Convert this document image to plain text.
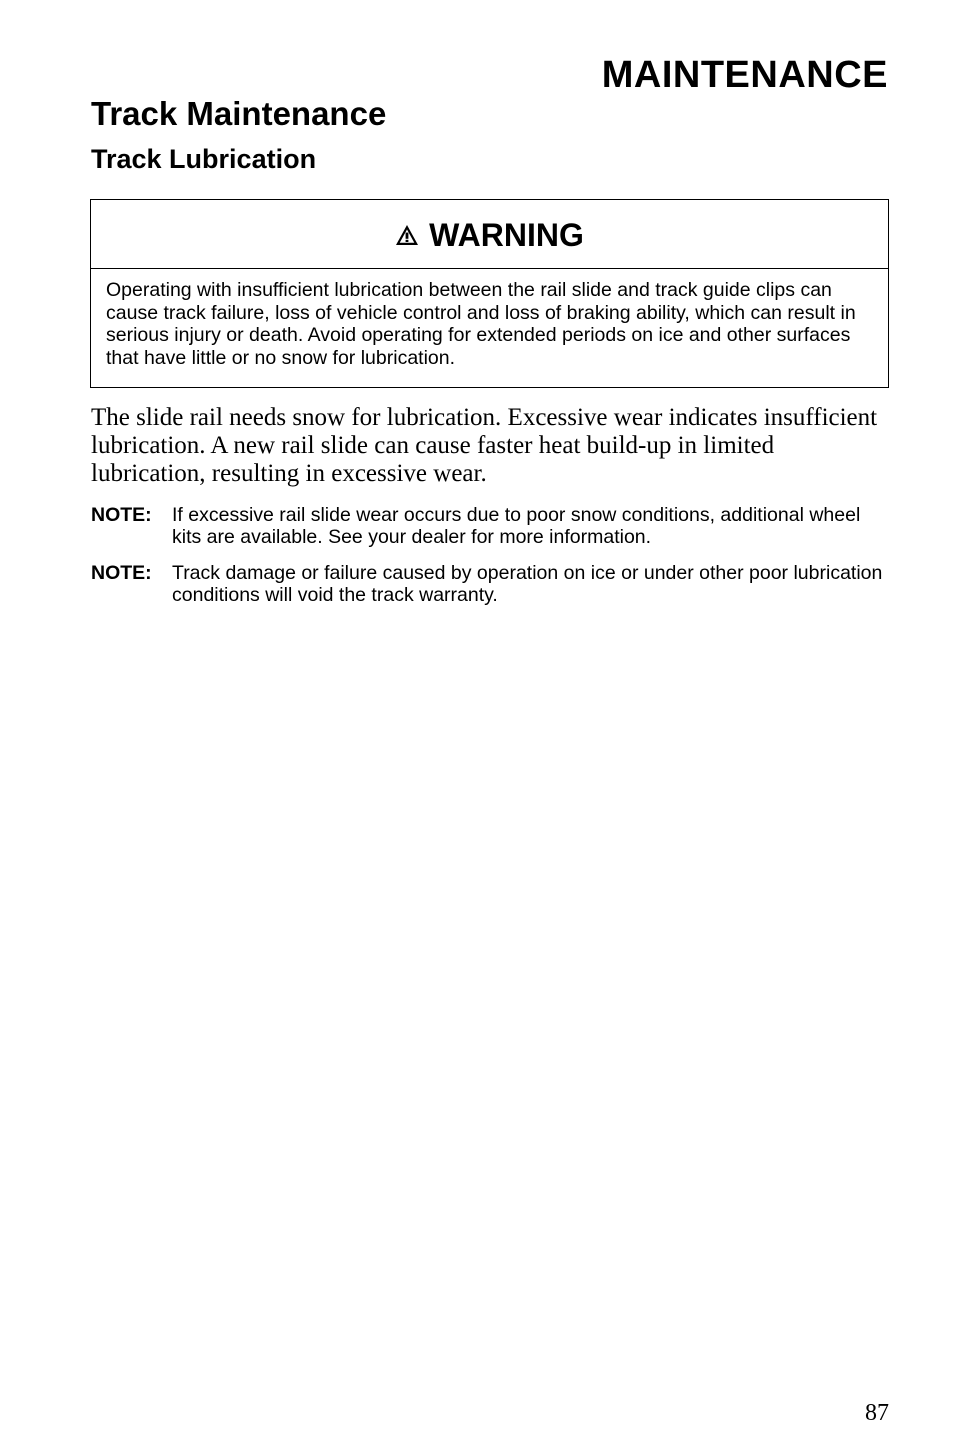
MAINTENANCE
Track Maintenance
Track Lubrication
WARNING

Operating with insufficient lubrication between the rail slide and track guide clips can cause track failure, loss of vehicle control and loss of braking ability, which can result in serious injury or death. Avoid operating for extended periods on ice and other surfaces that have little or no snow for lubrication.

The slide rail needs snow for lubrication. Excessive wear indicates insufficient lubrication. A new rail slide can cause faster heat build-up in limited lubrication, resulting in excessive wear.

NOTE:	If excessive rail slide wear occurs due to poor snow conditions, additional wheel kits are available. See your dealer for more information.
NOTE:	Track damage or failure caused by operation on ice or under other poor lubrication conditions will void the track warranty.

87
